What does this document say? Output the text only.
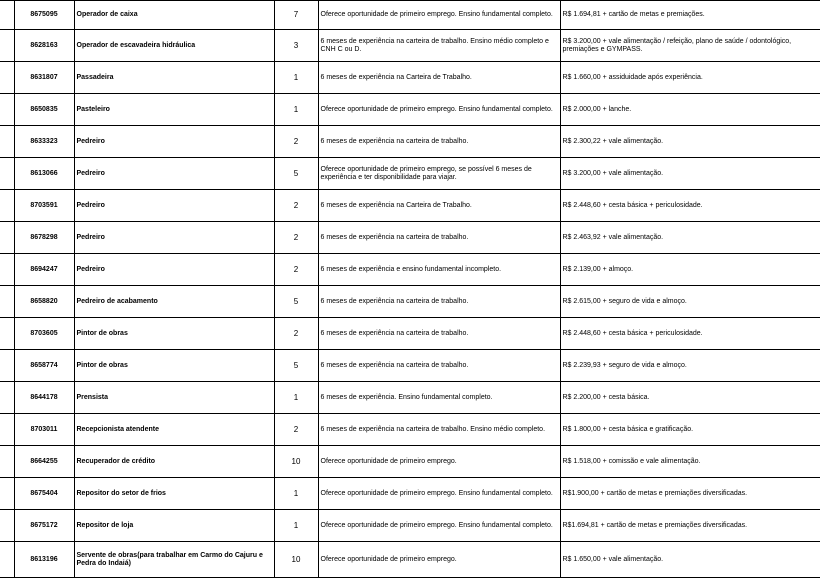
	8675095	Operador de caixa	7	Oferece oportunidade de primeiro emprego. Ensino fundamental completo.	R$ 1.694,81 + cartão de metas e premiações.
	8628163	Operador de escavadeira hidráulica	3	6 meses de experiência na carteira de trabalho. Ensino médio completo e CNH C ou D.	R$ 3.200,00 + vale alimentação / refeição, plano de saúde / odontológico, premiações e GYMPASS.
	8631807	Passadeira	1	6 meses de experiência na Carteira de Trabalho.	R$ 1.660,00 + assiduidade após experiência.
	8650835	Pasteleiro	1	Oferece oportunidade de primeiro emprego. Ensino fundamental completo.	R$ 2.000,00 + lanche.
	8633323	Pedreiro	2	6 meses de experiência na carteira de trabalho.	R$ 2.300,22 + vale alimentação.
	8613066	Pedreiro	5	Oferece oportunidade de primeiro emprego, se possível 6 meses de experiência e ter disponibilidade para viajar.	R$ 3.200,00 + vale alimentação.
	8703591	Pedreiro	2	6 meses de experiência na Carteira de Trabalho.	R$ 2.448,60 + cesta básica + periculosidade.
	8678298	Pedreiro	2	6 meses de experiência na carteira de trabalho.	R$ 2.463,92 + vale alimentação.
	8694247	Pedreiro	2	6 meses de experiência e ensino fundamental incompleto.	R$ 2.139,00 + almoço.
	8658820	Pedreiro de acabamento	5	6 meses de experiência na carteira de trabalho.	R$ 2.615,00 + seguro de vida e almoço.
	8703605	Pintor de obras	2	6 meses de experiência na carteira de trabalho.	R$ 2.448,60 + cesta básica + periculosidade.
	8658774	Pintor de obras	5	6 meses de experiência na carteira de trabalho.	R$ 2.239,93 + seguro de vida e almoço.
	8644178	Prensista	1	6 meses de experiência. Ensino fundamental completo.	R$ 2.200,00 + cesta básica.
	8703011	Recepcionista atendente	2	6 meses de experiência na carteira de trabalho. Ensino médio completo.	R$ 1.800,00 + cesta básica e gratificação.
	8664255	Recuperador de crédito	10	Oferece oportunidade de primeiro emprego.	R$ 1.518,00 + comissão e vale alimentação.
	8675404	Repositor do setor de frios	1	Oferece oportunidade de primeiro emprego. Ensino fundamental completo.	R$1.900,00 + cartão de metas e premiações diversificadas.
	8675172	Repositor de loja	1	Oferece oportunidade de primeiro emprego. Ensino fundamental completo.	R$1.694,81 + cartão de metas e premiações diversificadas.
	8613196	Servente de obras(para trabalhar em Carmo do Cajuru e Pedra do Indaiá)	10	Oferece oportunidade de primeiro emprego.	R$ 1.650,00 + vale alimentação.
